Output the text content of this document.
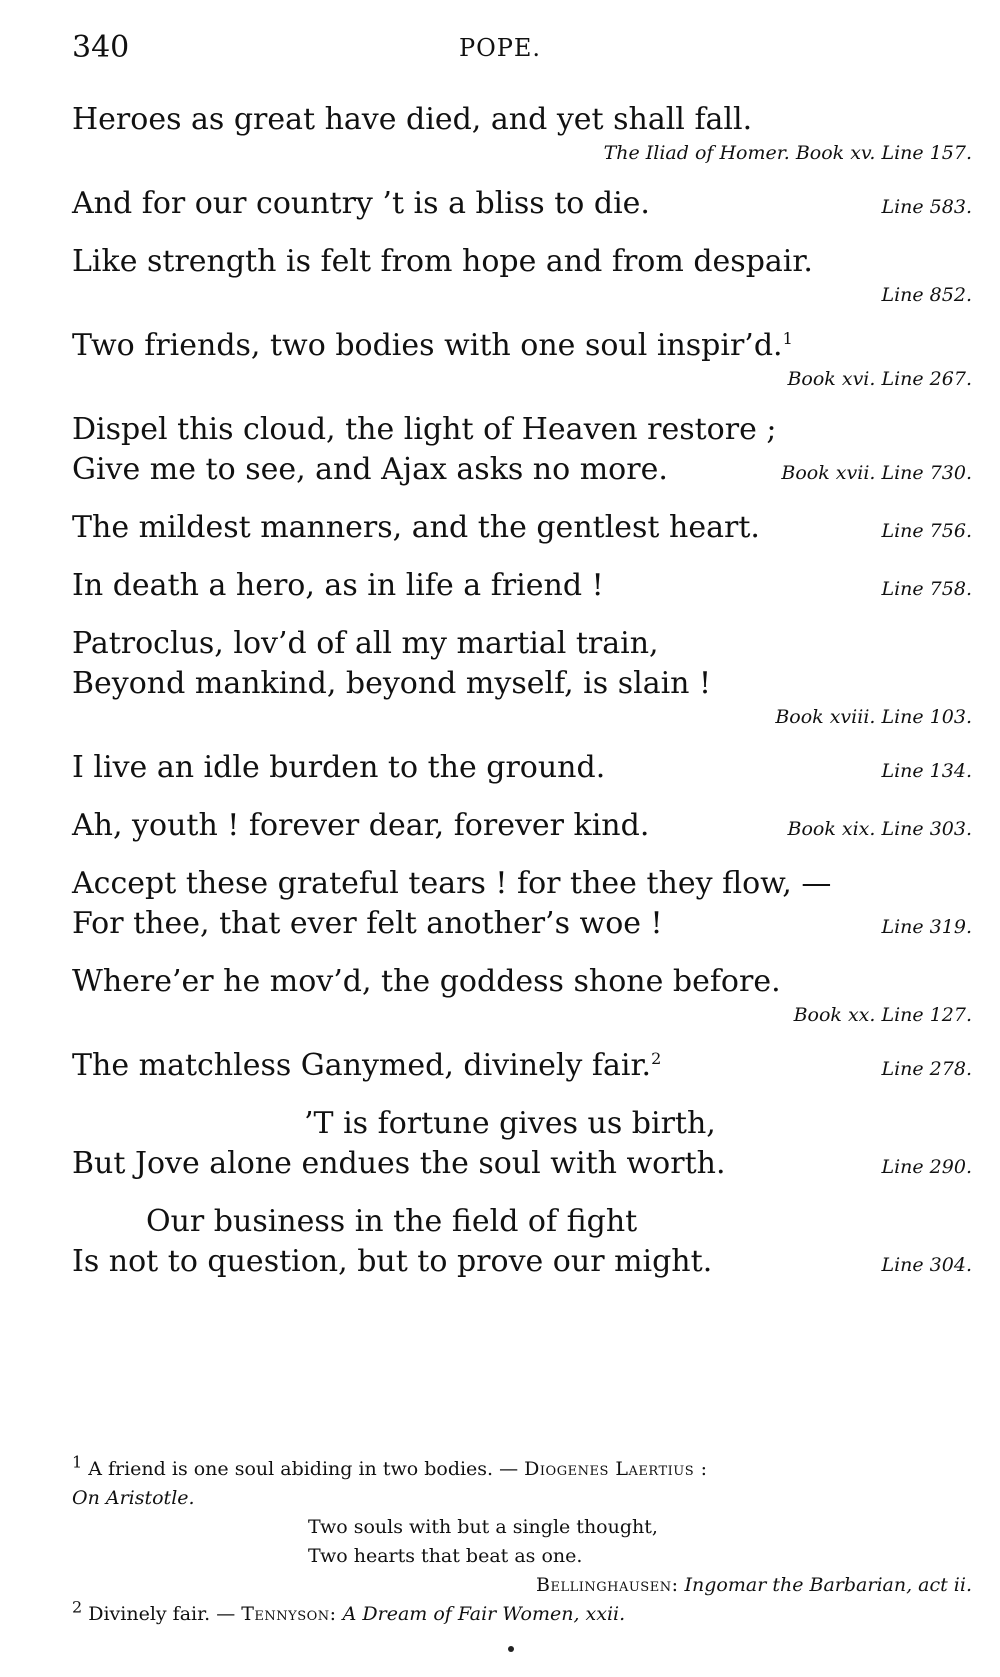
340	POPE.
Heroes as great have died, and yet shall fall.
The Iliad of Homer. Book xv. Line 157.
And for our country ’t is a bliss to die.	Line 583.
Like strength is felt from hope and from despair.
Line 852.
Two friends, two bodies with one soul inspir’d.$^1$
Book xvi. Line 267.
Dispel this cloud, the light of Heaven restore ;
Give me to see, and Ajax asks no more.	Book xvii. Line 730.
The mildest manners, and the gentlest heart.	Line 756.
In death a hero, as in life a friend !	Line 758.
Patroclus, lov’d of all my martial train,
Beyond mankind, beyond myself, is slain !
Book xviii. Line 103.
I live an idle burden to the ground.	Line 134.
Ah, youth ! forever dear, forever kind.	Book xix. Line 303.
Accept these grateful tears ! for thee they flow, —
For thee, that ever felt another’s woe !	Line 319.
Where’er he mov’d, the goddess shone before.
Book xx. Line 127.
The matchless Ganymed, divinely fair.$^2$	Line 278.
’T is fortune gives us birth,
But Jove alone endues the soul with worth.	Line 290.
Our business in the field of fight
Is not to question, but to prove our might.	Line 304.
$^1$ A friend is one soul abiding in two bodies. — Diogenes Laertius :
On Aristotle.
Two souls with but a single thought,
Two hearts that beat as one.
Bellinghausen: Ingomar the Barbarian, act ii.
$^2$ Divinely fair. — Tennyson: A Dream of Fair Women, xxii.
